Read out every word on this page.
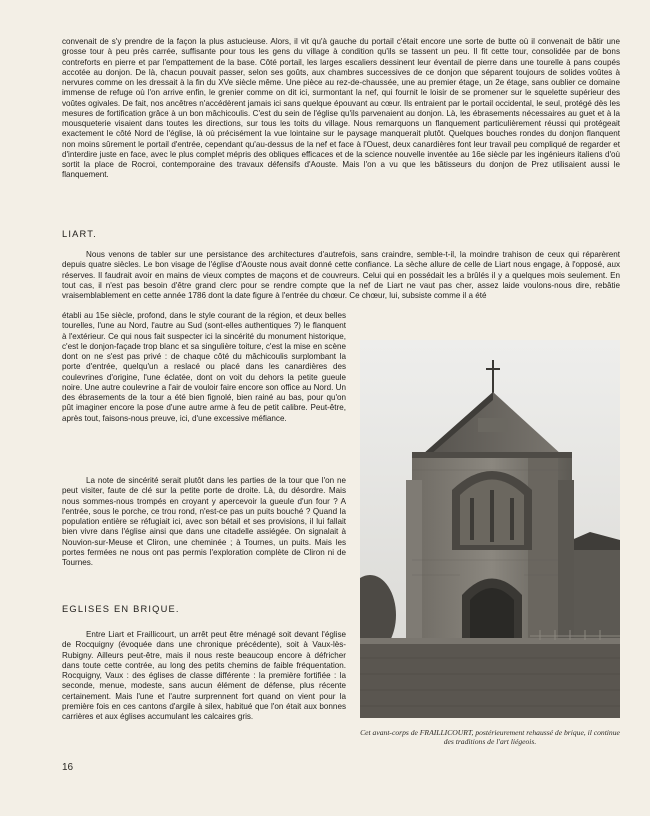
convenait de s'y prendre de la façon la plus astucieuse. Alors, il vit qu'à gauche du portail c'était encore une sorte de butte où il convenait de bâtir une grosse tour à peu près carrée, suffisante pour tous les gens du village à condition qu'ils se tassent un peu. Il fit cette tour, consolidée par de bons contreforts en pierre et par l'empattement de la base. Côté portail, les larges escaliers dessinent leur éventail de pierre dans une tourelle à pans coupés accotée au donjon. De là, chacun pouvait passer, selon ses goûts, aux chambres successives de ce donjon que séparent toujours de solides voûtes à nervures comme on les dressait à la fin du XVe siècle même. Une pièce au rez-de-chaussée, une au premier étage, un 2e étage, sans oublier ce domaine immense de refuge où l'on arrive enfin, le grenier comme on dit ici, surmontant la nef, qui fournit le loisir de se promener sur le squelette supérieur des voûtes ogivales. De fait, nos ancêtres n'accédèrent jamais ici sans quelque épouvant au cœur. Ils entraient par le portail occidental, le seul, protégé dès les mesures de fortification grâce à un bon mâchicoulis. C'est du sein de l'église qu'ils parvenaient au donjon. Là, les ébrasements nécessaires au guet et à la mousqueterie visaient dans toutes les directions, sur tous les toits du village. Nous remarquons un flanquement particulièrement réussi qui protégeait exactement le côté Nord de l'église, là où précisément la vue lointaine sur le paysage manquerait plutôt. Quelques bouches rondes du donjon flanquent non moins sûrement le portail d'entrée, cependant qu'au-dessus de la nef et face à l'Ouest, deux canardières font leur travail peu compliqué de regarder et d'interdire juste en face, avec le plus complet mépris des obliques efficaces et de la science nouvelle inventée au 16e siècle par les ingénieurs italiens d'où sortit la place de Rocroi, contemporaine des travaux défensifs d'Aouste. Mais l'on a vu que les bâtisseurs du donjon de Prez utilisaient aussi le flanquement.

LIART.

Nous venons de tabler sur une persistance des architectures d'autrefois, sans craindre, semble-t-il, la moindre trahison de ceux qui réparèrent depuis quatre siècles. Le bon visage de l'église d'Aouste nous avait donné cette confiance. La sèche allure de celle de Liart nous engage, à l'opposé, aux réserves. Il faudrait avoir en mains de vieux comptes de maçons et de couvreurs. Celui qui en possédait les a brûlés il y a quelques mois seulement. En tout cas, il n'est pas besoin d'être grand clerc pour se rendre compte que la nef de Liart ne vaut pas cher, assez laide voulons-nous dire, rebâtie vraisemblablement en cette année 1786 dont la date figure à l'entrée du chœur. Ce chœur, lui, subsiste comme il a été

établi au 15e siècle, profond, dans le style courant de la région, et deux belles tourelles, l'une au Nord, l'autre au Sud (sont-elles authentiques ?) le flanquent à l'extérieur. Ce qui nous fait suspecter ici la sincérité du monument historique, c'est le donjon-façade trop blanc et sa singulière toiture, c'est la mise en scène dont on ne s'est pas privé : de chaque côté du mâchicoulis surplombant la porte d'entrée, quelqu'un a reslacé ou placé dans les canardières des coulevrines d'origine, l'une éclatée, dont on voit du dehors la petite gueule noire. Une autre coulevrine a l'air de vouloir faire encore son office au Nord. Un des ébrasements de la tour a été bien fignolé, bien rainé au bas, pour qu'on pût imaginer encore la pose d'une autre arme à feu de petit calibre. Peut-être, après tout, faisons-nous preuve, ici, d'une excessive méfiance.

La note de sincérité serait plutôt dans les parties de la tour que l'on ne peut visiter, faute de clé sur la petite porte de droite. Là, du désordre. Mais nous sommes-nous trompés en croyant y apercevoir la gueule d'un four ? A l'entrée, sous le porche, ce trou rond, n'est-ce pas un puits bouché ? Quand la population entière se réfugiait ici, avec son bétail et ses provisions, il lui fallait bien vivre dans l'église ainsi que dans une citadelle assiégée. On signalait à Nouvion-sur-Meuse et Cliron, une cheminée ; à Tournes, un puits. Mais les portes fermées ne nous ont pas permis l'exploration complète de Cliron ni de Tournes.

EGLISES EN BRIQUE.

Entre Liart et Fraillicourt, un arrêt peut être ménagé soit devant l'église de Rocquigny (évoquée dans une chronique précédente), soit à Vaux-lès-Rubigny. Ailleurs peut-être, mais il nous reste beaucoup encore à défricher dans toute cette contrée, au long des petits chemins de faible fréquentation. Rocquigny, Vaux : des églises de classe différente : la première fortifiée : la seconde, menue, modeste, sans aucun élément de défense, plus récente certainement. Mais l'une et l'autre surprennent fort quand on vient pour la première fois en ces cantons d'argile à silex, habitué que l'on était aux bonnes carrières et aux églises accumulant les calcaires gris.

Cet avant-corps de FRAILLICOURT, postérieurement rehaussé de brique, il continue des traditions de l'art liégeois.

16
